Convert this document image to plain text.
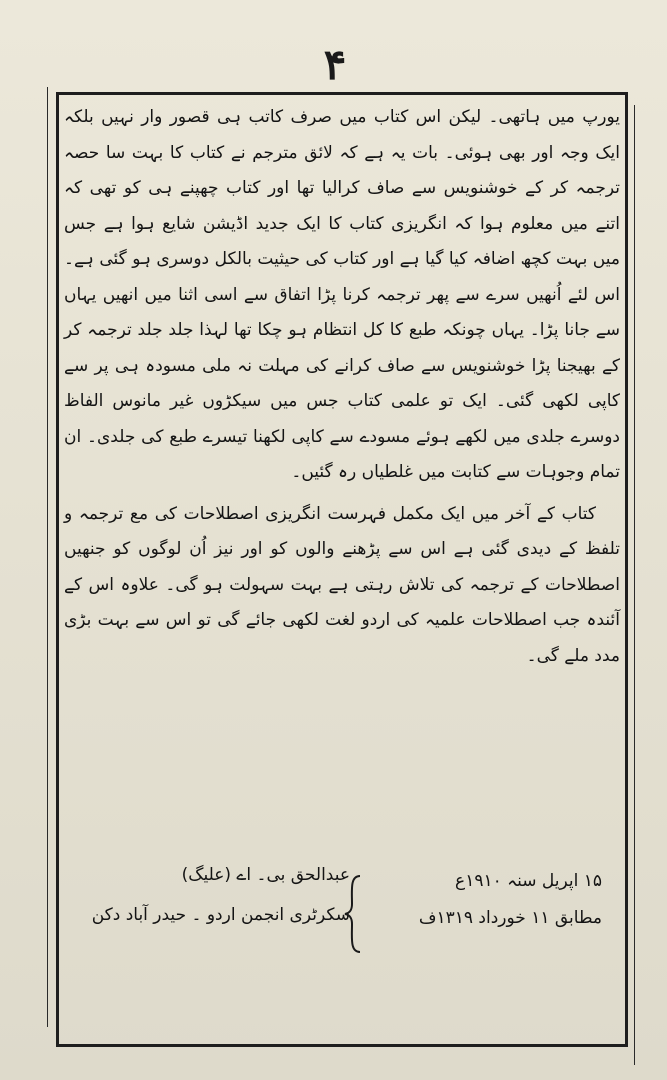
۴

یورپ میں ہاتھی۔ لیکن اس کتاب میں صرف کاتب ہی قصور وار نہیں بلکہ ایک وجہ اور بھی ہوئی۔ بات یہ ہے کہ لائق مترجم نے کتاب کا بہت سا حصہ ترجمہ کر کے خوشنویس سے صاف کرالیا تھا اور کتاب چھپنے ہی کو تھی کہ اتنے میں معلوم ہوا کہ انگریزی کتاب کا ایک جدید اڈیشن شایع ہوا ہے جس میں بہت کچھ اضافہ کیا گیا ہے اور کتاب کی حیثیت بالکل دوسری ہو گئی ہے۔ اس لئے اُنھیں سرے سے پھر ترجمہ کرنا پڑا اتفاق سے اسی اثنا میں انھیں یہاں سے جانا پڑا۔ یہاں چونکہ طبع کا کل انتظام ہو چکا تھا لہذا جلد جلد ترجمہ کر کے بھیجنا پڑا خوشنویس سے صاف کرانے کی مہلت نہ ملی مسودہ ہی پر سے کاپی لکھی گئی۔ ایک تو علمی کتاب جس میں سیکڑوں غیر مانوس الفاظ دوسرے جلدی میں لکھے ہوئے مسودے سے کاپی لکھنا تیسرے طبع کی جلدی۔ ان تمام وجوہات سے کتابت میں غلطیاں رہ گئیں۔

کتاب کے آخر میں ایک مکمل فہرست انگریزی اصطلاحات کی مع ترجمہ و تلفظ کے دیدی گئی ہے اس سے پڑھنے والوں کو اور نیز اُن لوگوں کو جنھیں اصطلاحات کے ترجمہ کی تلاش رہتی ہے بہت سہولت ہو گی۔ علاوہ اس کے آئندہ جب اصطلاحات علمیہ کی اردو لغت لکھی جائے گی تو اس سے بہت بڑی مدد ملے گی۔

عبدالحق بی۔ اے (علیگ)
سکرٹری انجمن اردو ۔ حیدر آباد دکن
۱۵ اپریل سنہ ۱۹۱۰ع
مطابق ۱۱ خورداد ۱۳۱۹ف
